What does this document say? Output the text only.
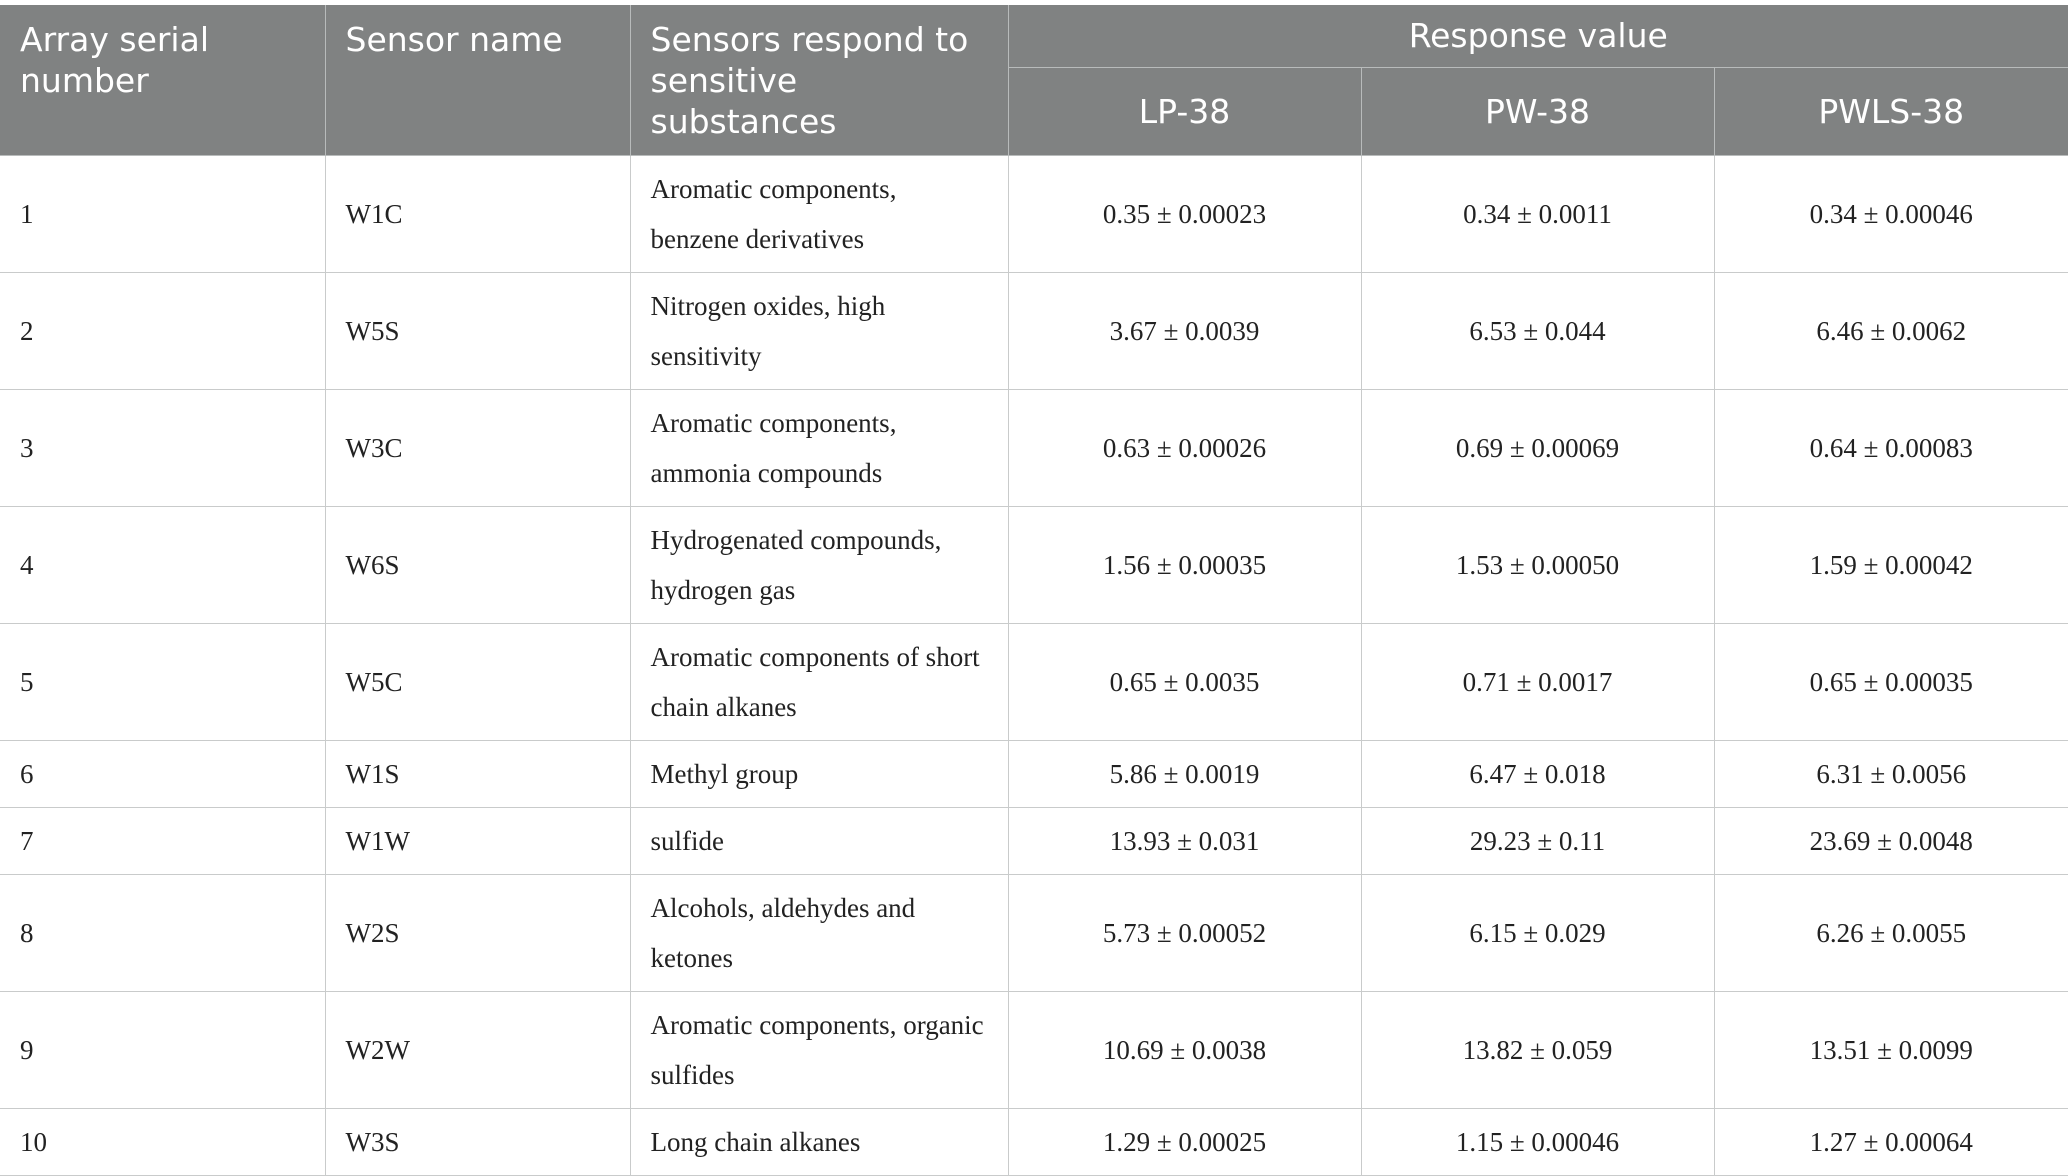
Array serial number	Sensor name	Sensors respond to sensitive substances	Response value		
			LP-38	PW-38	PWLS-38
1	W1C	Aromatic components, benzene derivatives	0.35 ± 0.00023	0.34 ± 0.0011	0.34 ± 0.00046
2	W5S	Nitrogen oxides, high sensitivity	3.67 ± 0.0039	6.53 ± 0.044	6.46 ± 0.0062
3	W3C	Aromatic components, ammonia compounds	0.63 ± 0.00026	0.69 ± 0.00069	0.64 ± 0.00083
4	W6S	Hydrogenated compounds, hydrogen gas	1.56 ± 0.00035	1.53 ± 0.00050	1.59 ± 0.00042
5	W5C	Aromatic components of short chain alkanes	0.65 ± 0.0035	0.71 ± 0.0017	0.65 ± 0.00035
6	W1S	Methyl group	5.86 ± 0.0019	6.47 ± 0.018	6.31 ± 0.0056
7	W1W	sulfide	13.93 ± 0.031	29.23 ± 0.11	23.69 ± 0.0048
8	W2S	Alcohols, aldehydes and ketones	5.73 ± 0.00052	6.15 ± 0.029	6.26 ± 0.0055
9	W2W	Aromatic components, organic sulfides	10.69 ± 0.0038	13.82 ± 0.059	13.51 ± 0.0099
10	W3S	Long chain alkanes	1.29 ± 0.00025	1.15 ± 0.00046	1.27 ± 0.00064
